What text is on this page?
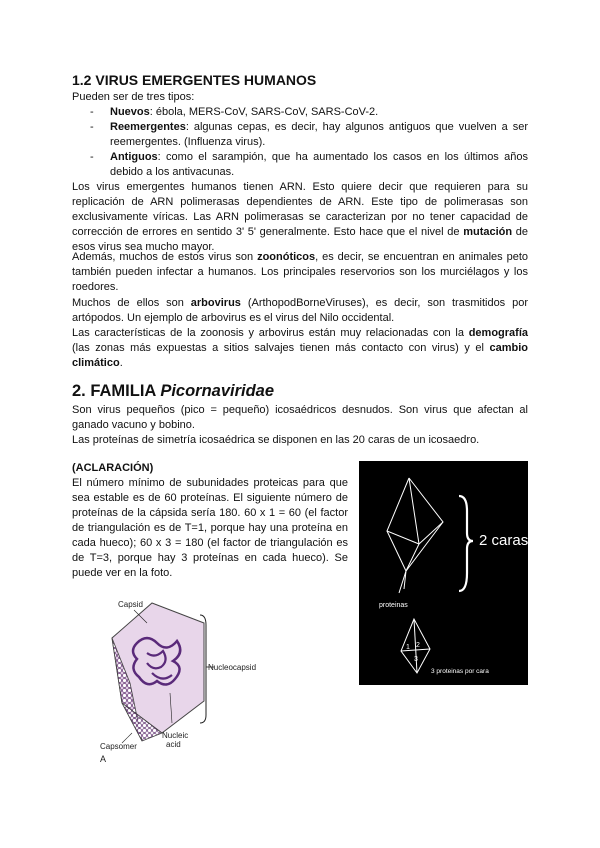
1.2 VIRUS EMERGENTES HUMANOS
Pueden ser de tres tipos:
- Nuevos: ébola, MERS-CoV, SARS-CoV, SARS-CoV-2.
- Reemergentes: algunas cepas, es decir, hay algunos antiguos que vuelven a ser reemergentes. (Influenza virus).
- Antiguos: como el sarampión, que ha aumentado los casos en los últimos años debido a los antivacunas.

Los virus emergentes humanos tienen ARN. Esto quiere decir que requieren para su replicación de ARN polimerasas dependientes de ARN. Este tipo de polimerasas son exclusivamente víricas. Las ARN polimerasas se caracterizan por no tener capacidad de corrección de errores en sentido 3' 5' generalmente. Esto hace que el nivel de mutación de esos virus sea mucho mayor.

Además, muchos de estos virus son zoonóticos, es decir, se encuentran en animales peto también pueden infectar a humanos. Los principales reservorios son los murciélagos y los roedores.

Muchos de ellos son arbovirus (ArthopodBorneViruses), es decir, son trasmitidos por artópodos. Un ejemplo de arbovirus es el virus del Nilo occidental.

Las características de la zoonosis y arbovirus están muy relacionadas con la demografía (las zonas más expuestas a sitios salvajes tienen más contacto con virus) y el cambio climático.

2. FAMILIA Picornaviridae

Son virus pequeños (pico = pequeño) icosaédricos desnudos. Son virus que afectan al ganado vacuno y bobino.

Las proteínas de simetría icosaédrica se disponen en las 20 caras de un icosaedro.

(ACLARACIÓN)

El número mínimo de subunidades proteicas para que sea estable es de 60 proteínas. El siguiente número de proteínas de la cápsida sería 180. 60 x 1 = 60 (el factor de triangulación es de T=1, porque hay una proteína en cada hueco); 60 x 3 = 180 (el factor de triangulación es de T=3, porque hay 3 proteínas en cada hueco). Se puede ver en la foto.

2 caras
proteinas
1 2
3
3 proteinas por cara
Capsid
Nucleocapsid
Capsomer
Nucleic
acid
A
